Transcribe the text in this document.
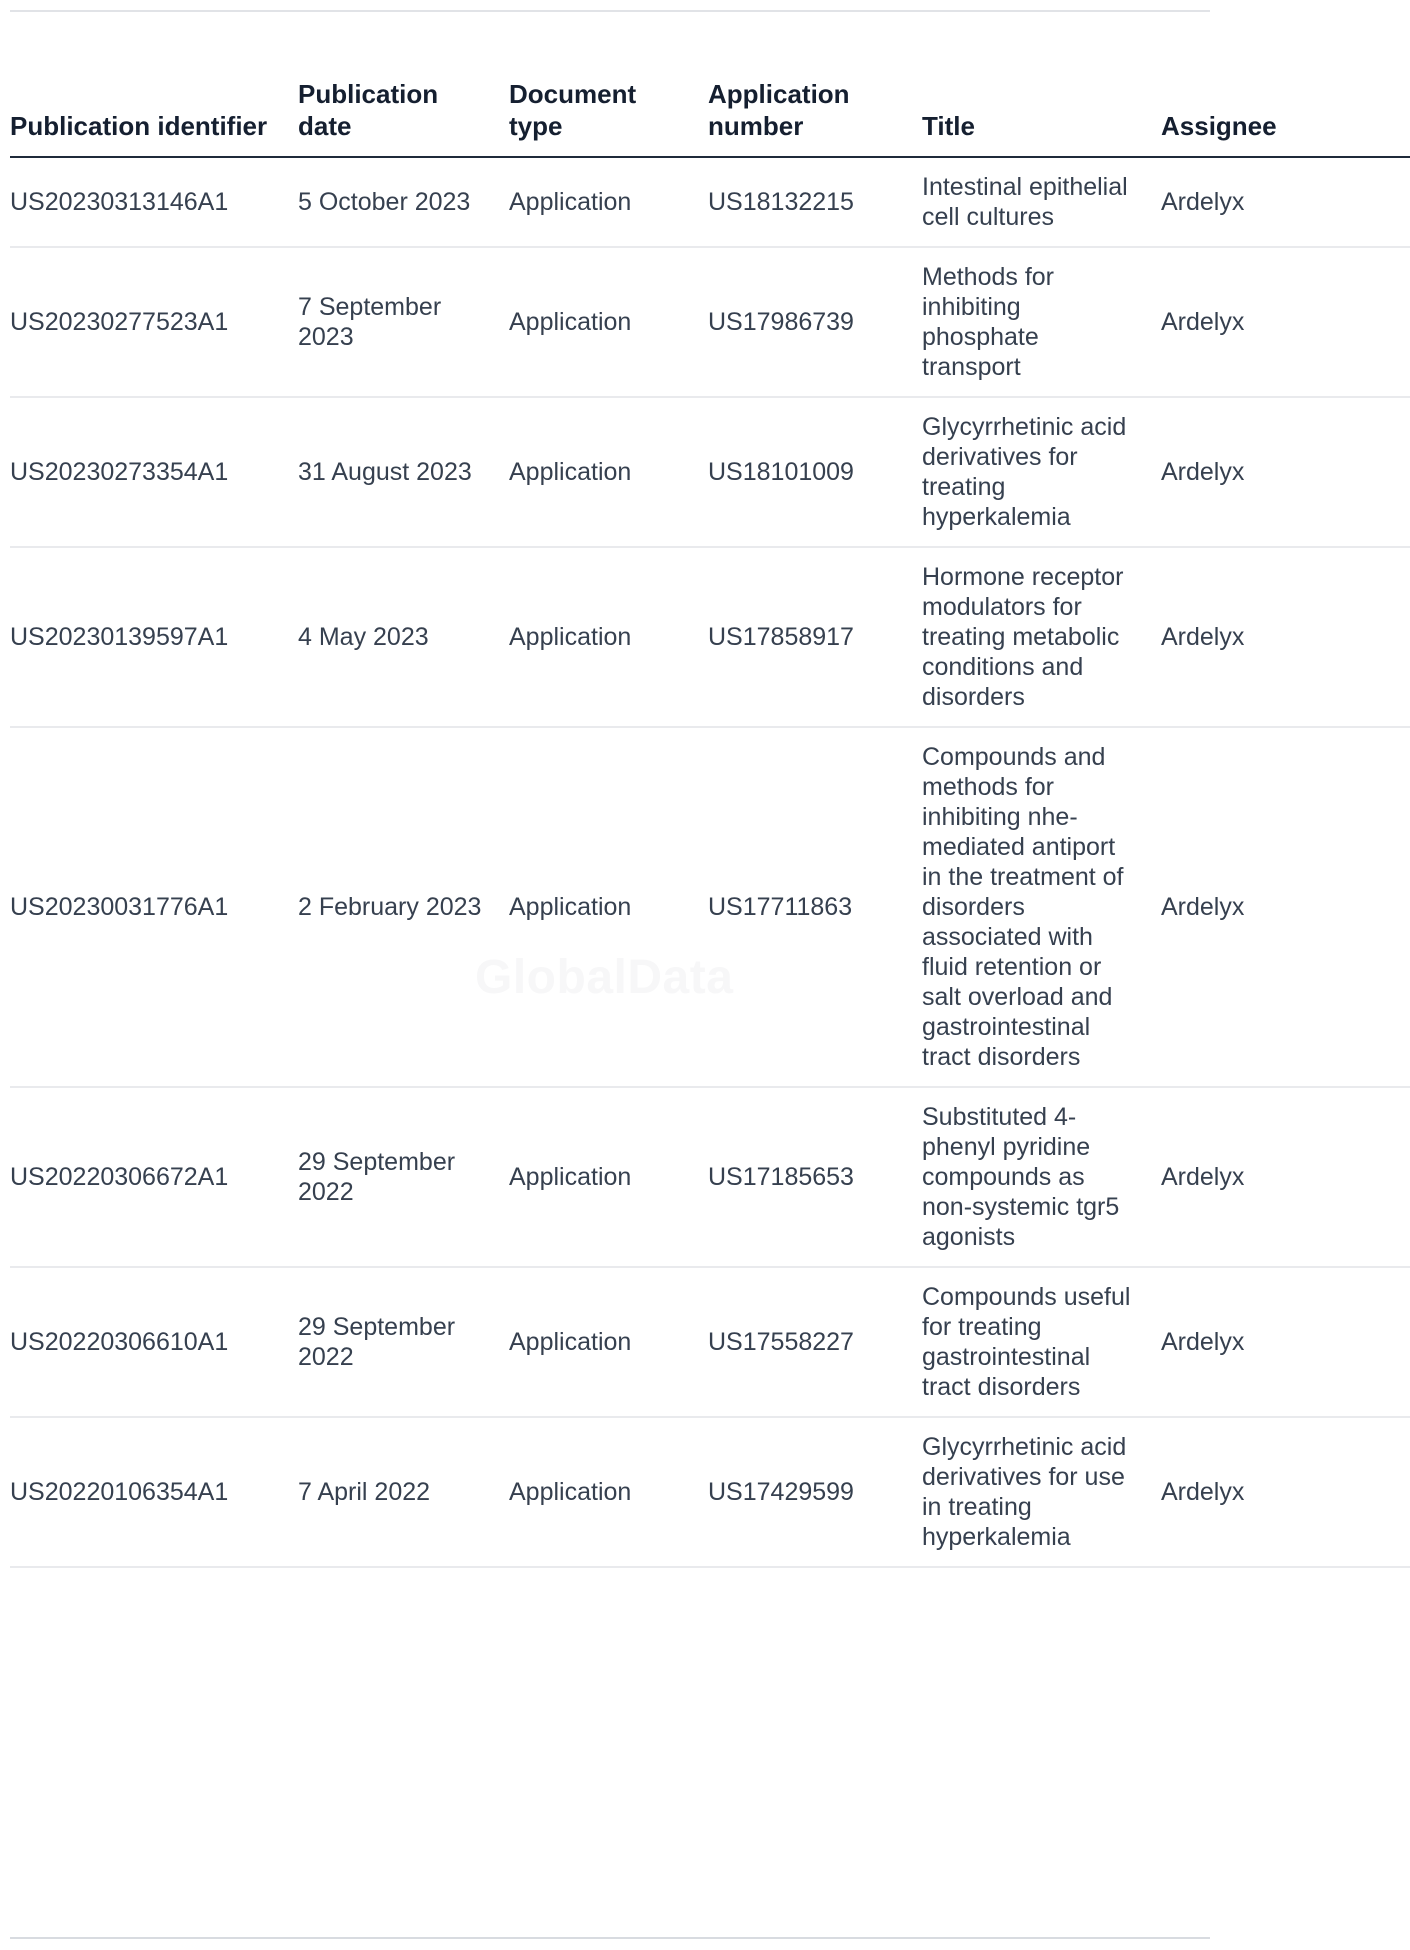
Publication identifier	Publication date	Document type	Application number	Title	Assignee
US20230313146A1	5 October 2023	Application	US18132215	Intestinal epithelial cell cultures	Ardelyx
US20230277523A1	7 September 2023	Application	US17986739	Methods for inhibiting phosphate transport	Ardelyx
US20230273354A1	31 August 2023	Application	US18101009	Glycyrrhetinic acid derivatives for treating hyperkalemia	Ardelyx
US20230139597A1	4 May 2023	Application	US17858917	Hormone receptor modulators for treating metabolic conditions and disorders	Ardelyx
US20230031776A1	2 February 2023	Application	US17711863	Compounds and methods for inhibiting nhe-mediated antiport in the treatment of disorders associated with fluid retention or salt overload and gastrointestinal tract disorders	Ardelyx
US20220306672A1	29 September 2022	Application	US17185653	Substituted 4-phenyl pyridine compounds as non-systemic tgr5 agonists	Ardelyx
US20220306610A1	29 September 2022	Application	US17558227	Compounds useful for treating gastrointestinal tract disorders	Ardelyx
US20220106354A1	7 April 2022	Application	US17429599	Glycyrrhetinic acid derivatives for use in treating hyperkalemia	Ardelyx
GlobalData
